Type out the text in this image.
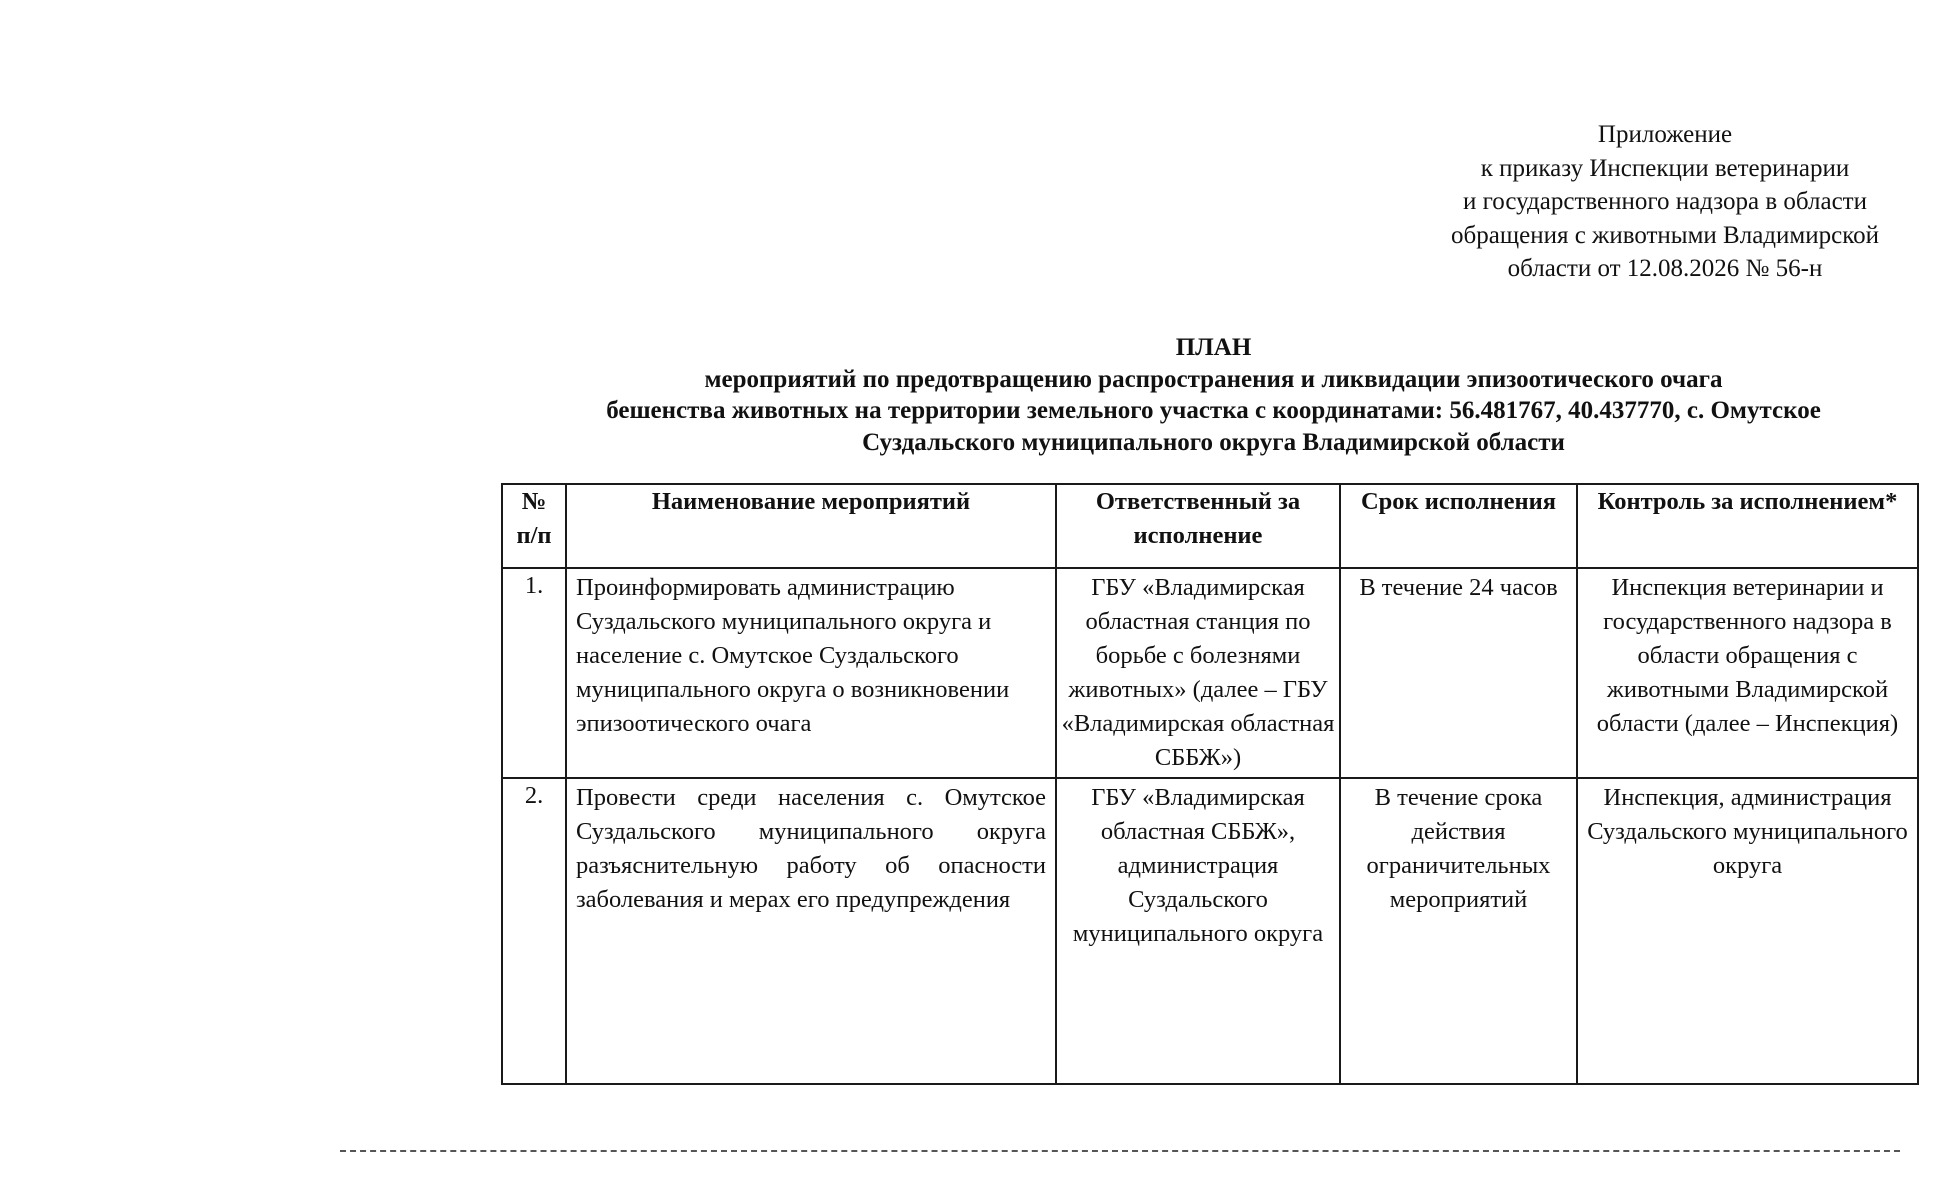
Приложение
к приказу Инспекции ветеринарии
и государственного надзора в области
обращения с животными Владимирской
области от 12.08.2026 № 56-н
ПЛАН
мероприятий по предотвращению распространения и ликвидации эпизоотического очага
бешенства животных на территории земельного участка с координатами: 56.481767, 40.437770, с. Омутское
Суздальского муниципального округа Владимирской области
№ п/п	Наименование мероприятий	Ответственный за исполнение	Срок исполнения	Контроль за исполнением*
1.	Проинформировать администрацию Суздальского муниципального округа и население с. Омутское Суздальского муниципального округа о возникновении эпизоотического очага	ГБУ «Владимирская областная станция по борьбе с болезнями животных» (далее – ГБУ «Владимирская областная СББЖ»)	В течение 24 часов	Инспекция ветеринарии и государственного надзора в области обращения с животными Владимирской области (далее – Инспекция)
2.	Провести среди населения с. Омутское Суздальского муниципального округа разъяснительную работу об опасности заболевания и мерах его предупреждения	ГБУ «Владимирская областная СББЖ», администрация Суздальского муниципального округа	В течение срока действия ограничительных мероприятий	Инспекция, администрация Суздальского муниципального округа
